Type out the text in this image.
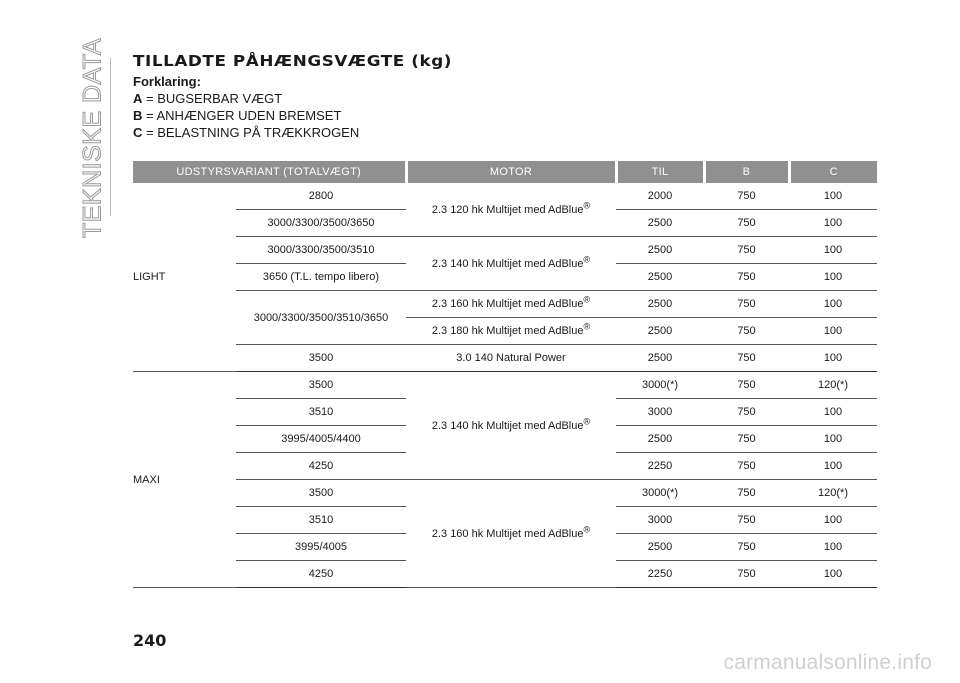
TEKNISKE DATA TILLADTE PÅHÆNGSVÆGTE (kg)
Forklaring:
A = BUGSERBAR VÆGT
B = ANHÆNGER UDEN BREMSET
C = BELASTNING PÅ TRÆKKROGEN
UDSTYRSVARIANT (TOTALVÆGT)		MOTOR	TIL	B	C
LIGHT	2800	2.3 120 hk Multijet med AdBlue®	2000	750	100
	3000/3300/3500/3650		2500	750	100
	3000/3300/3500/3510	2.3 140 hk Multijet med AdBlue®	2500	750	100
	3650 (T.L. tempo libero)		2500	750	100
	3000/3300/3500/3510/3650	2.3 160 hk Multijet med AdBlue®	2500	750	100
		2.3 180 hk Multijet med AdBlue®	2500	750	100
	3500	3.0 140 Natural Power	2500	750	100
MAXI	3500	2.3 140 hk Multijet med AdBlue®	3000(*)	750	120(*)
	3510		3000	750	100
	3995/4005/4400		2500	750	100
	4250		2250	750	100
	3500	2.3 160 hk Multijet med AdBlue®	3000(*)	750	120(*)
	3510		3000	750	100
	3995/4005		2500	750	100
	4250		2250	750	100
240
carmanualsonline.info
